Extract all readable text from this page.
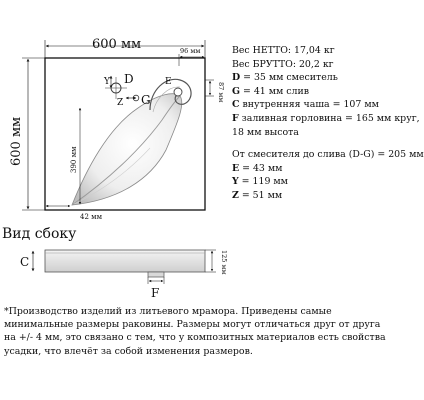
600 мм
600 мм
96 мм
87 мм
390 мм
42 мм
Y D	E
Z G
Вид сбоку
C
F
125 мм
Вес НЕТТО: 17,04 кг
Вес БРУТТО: 20,2 кг
D = 35 мм смеситель
G = 41 мм слив
C внутренняя чаша = 107 мм
F заливная горловина = 165 мм круг,
18 мм высота
От смесителя до слива (D-G) = 205 мм
E = 43 мм
Y = 119 мм
Z = 51 мм
*Производство изделий из литьевого мрамора. Приведены самые минимальные размеры раковины. Размеры могут отличаться друг от друга на +/- 4 мм, это связано с тем, что у композитных материалов есть свойства усадки, что влечёт за собой изменения размеров.
